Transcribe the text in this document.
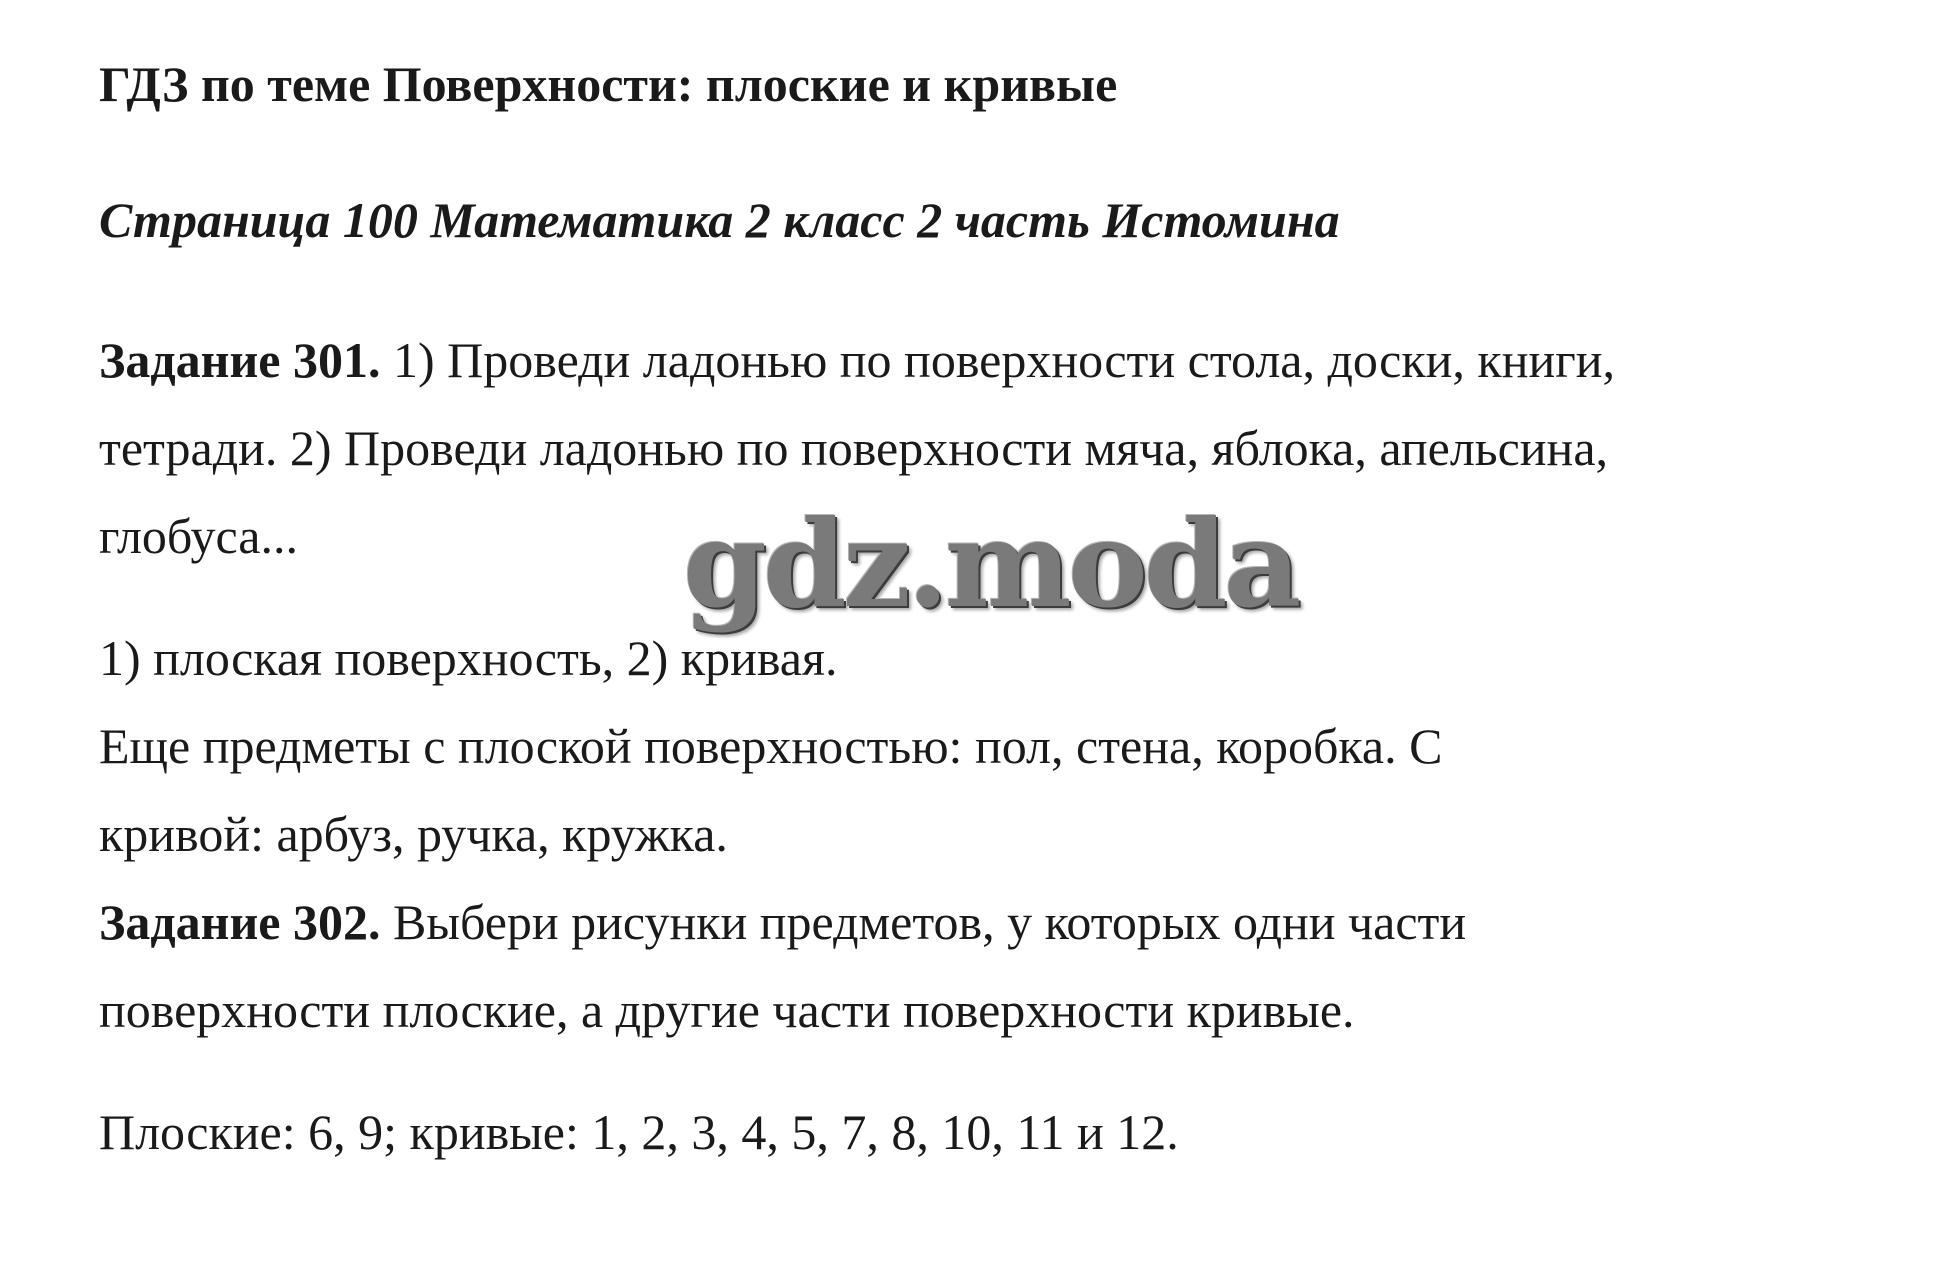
ГДЗ по теме Поверхности: плоские и кривые
Страница 100 Математика 2 класс 2 часть Истомина
Задание 301. 1) Проведи ладонью по поверхности стола, доски, книги,
тетради. 2) Проведи ладонью по поверхности мяча, яблока, апельсина,
глобуса...
1) плоская поверхность, 2) кривая.
Еще предметы с плоской поверхностью: пол, стена, коробка. С
кривой: арбуз, ручка, кружка.
Задание 302. Выбери рисунки предметов, у которых одни части
поверхности плоские, а другие части поверхности кривые.
Плоские: 6, 9; кривые: 1, 2, 3, 4, 5, 7, 8, 10, 11 и 12.
gdz.moda
